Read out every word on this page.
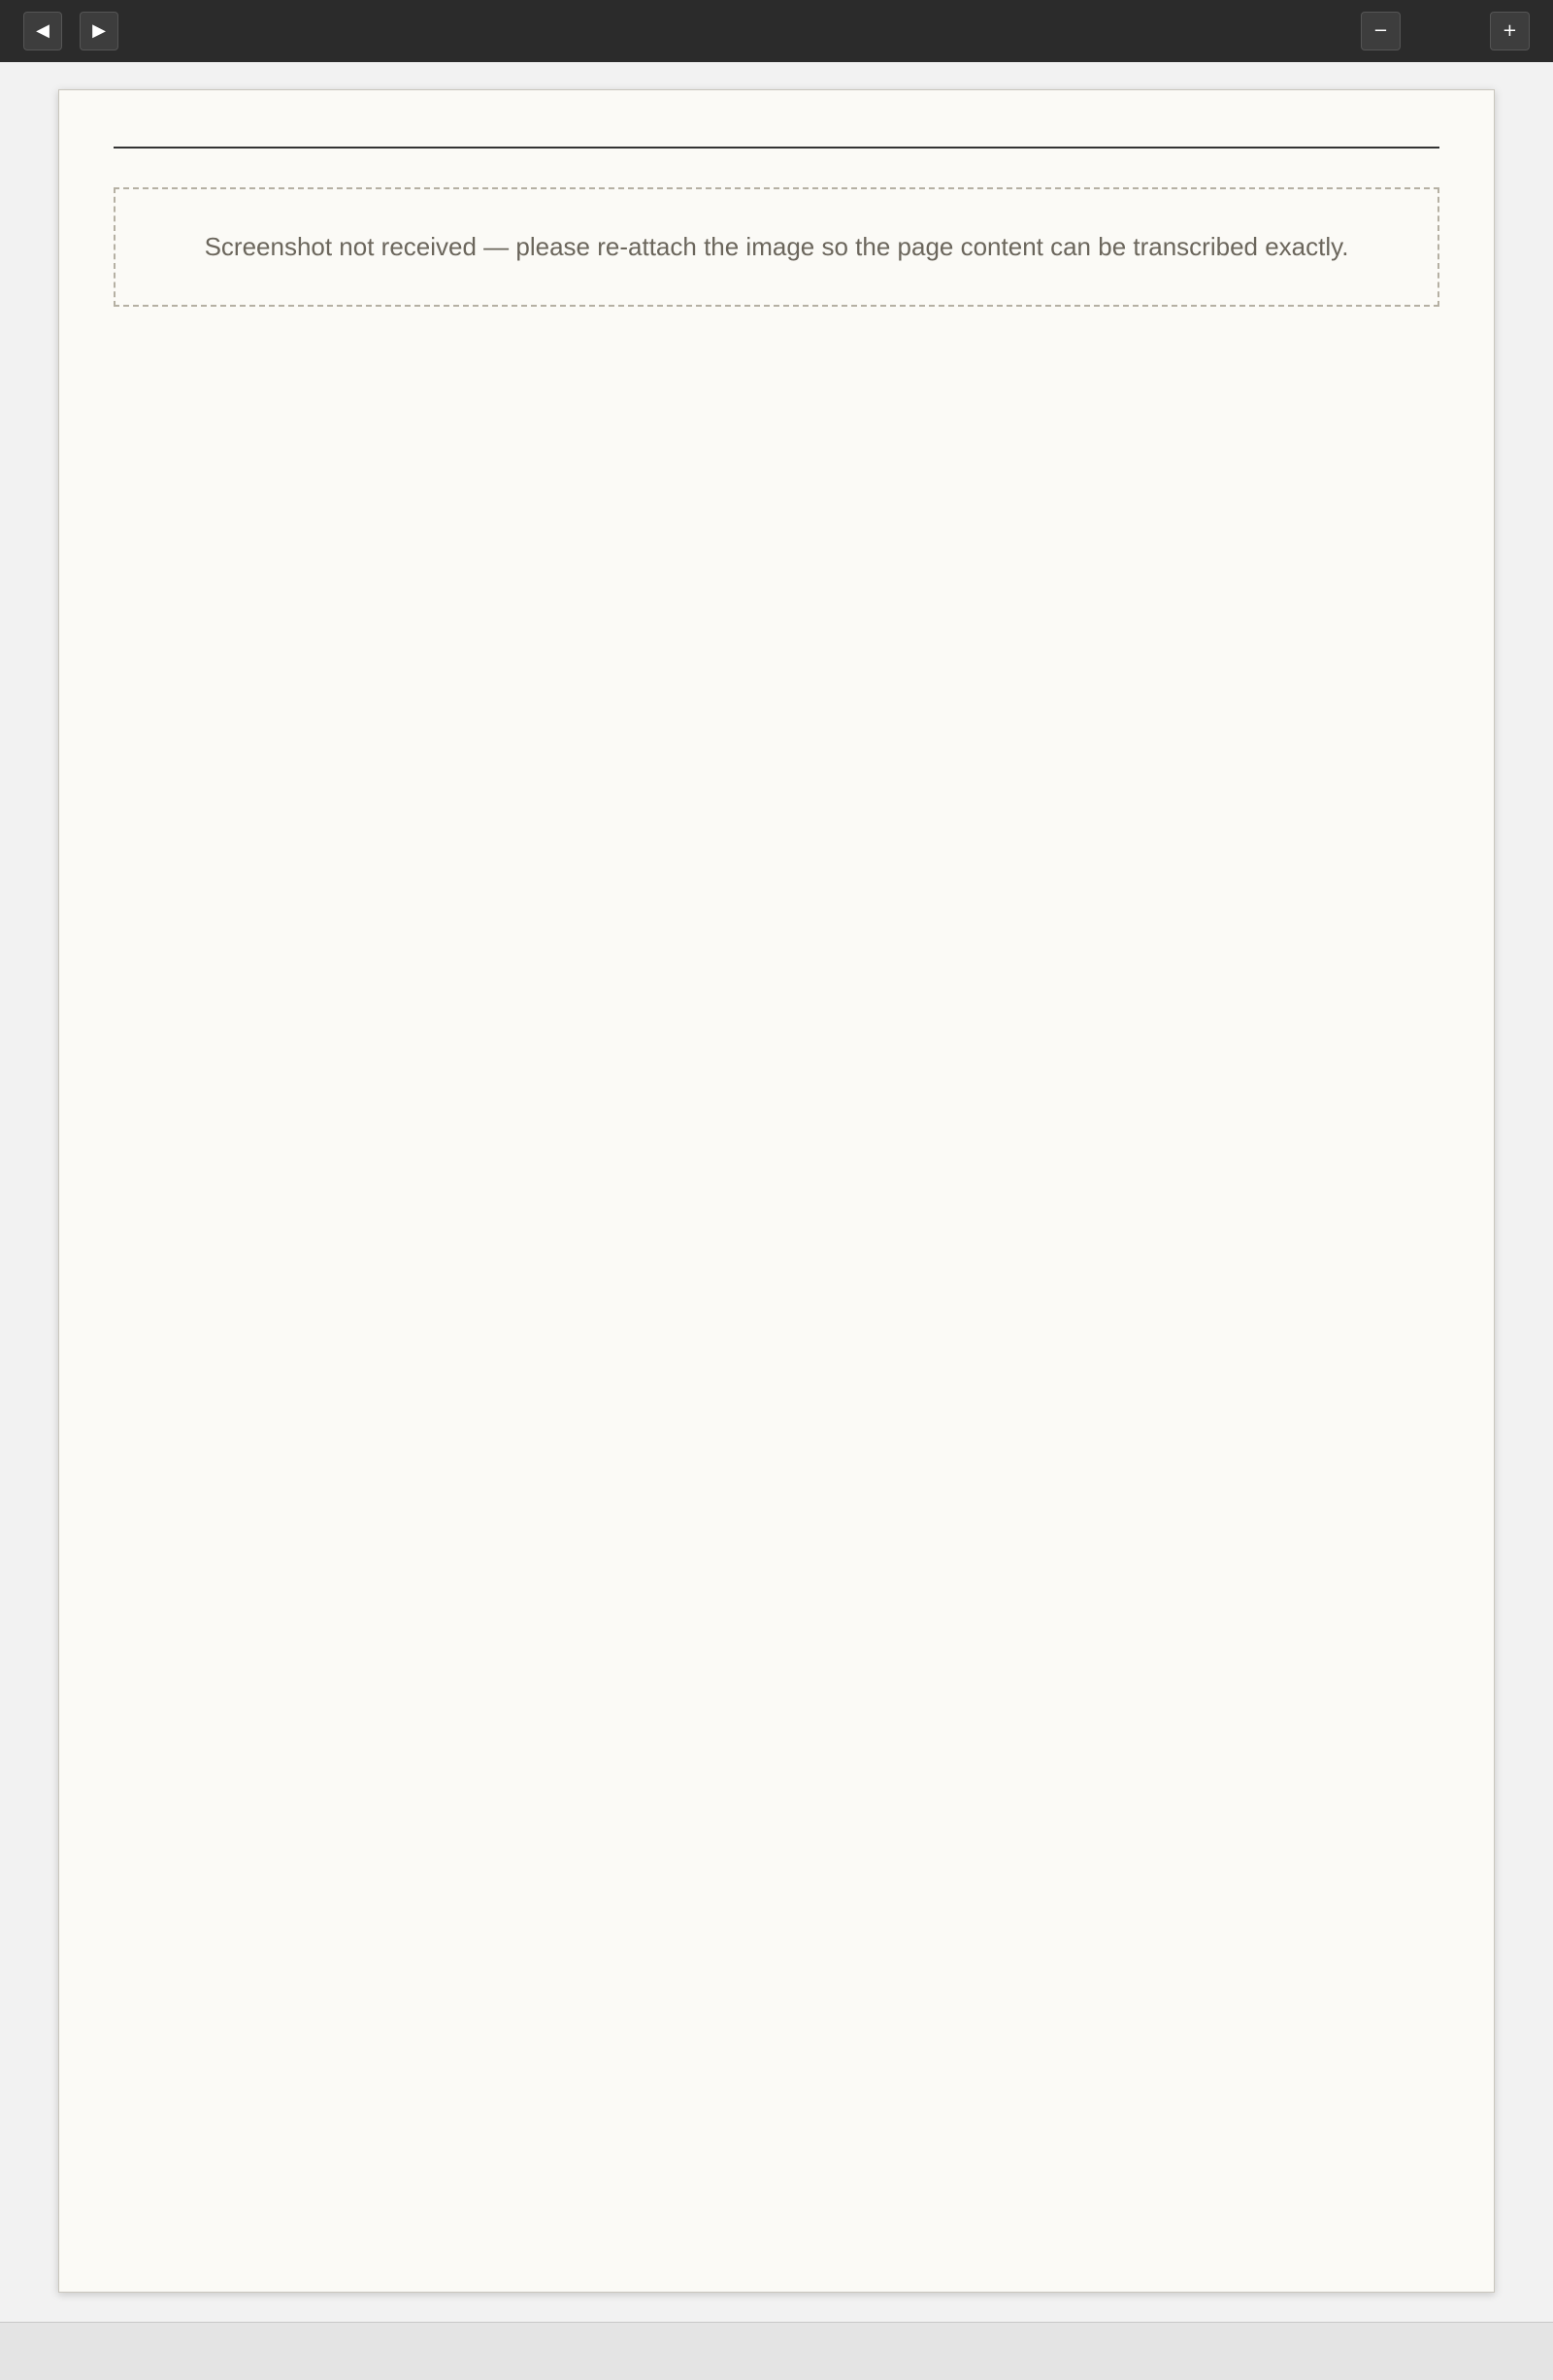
◀ ▶	−	+
Screenshot not received — please re-attach the image so the page content can be transcribed exactly.
